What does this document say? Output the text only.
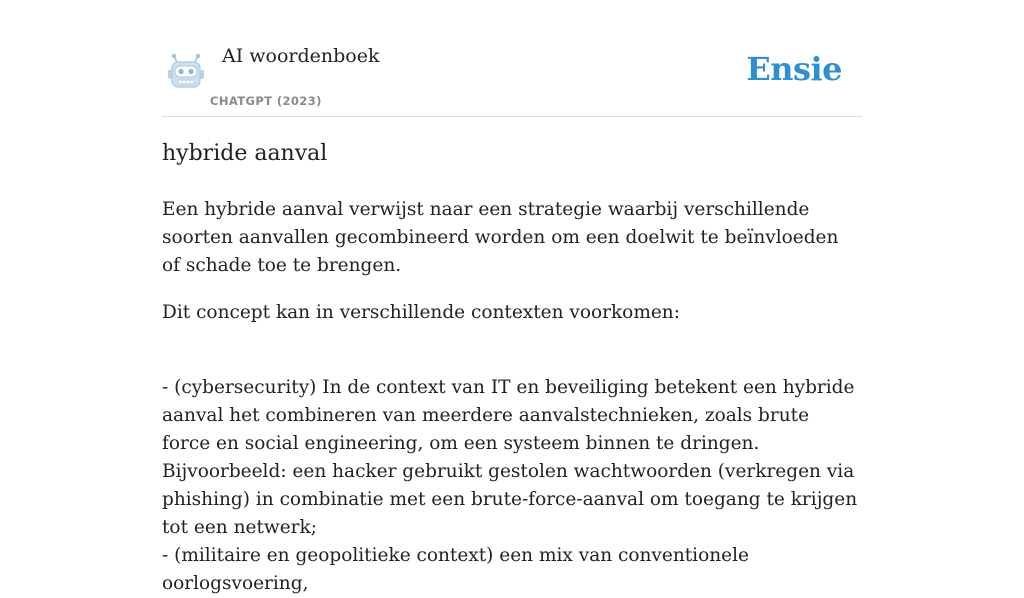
AI woordenboek
CHATGPT (2023)
Ensie
hybride aanval

Een hybride aanval verwijst naar een strategie waarbij verschillende soorten aanvallen gecombineerd worden om een doelwit te beïnvloeden of schade toe te brengen.

Dit concept kan in verschillende contexten voorkomen:

- (cybersecurity) In de context van IT en beveiliging betekent een hybride aanval het combineren van meerdere aanvalstechnieken, zoals brute force en social engineering, om een systeem binnen te dringen. Bijvoorbeeld: een hacker gebruikt gestolen wachtwoorden (verkregen via phishing) in combinatie met een brute-force-aanval om toegang te krijgen tot een netwerk;
- (militaire en geopolitieke context) een mix van conventionele oorlogsvoering,
